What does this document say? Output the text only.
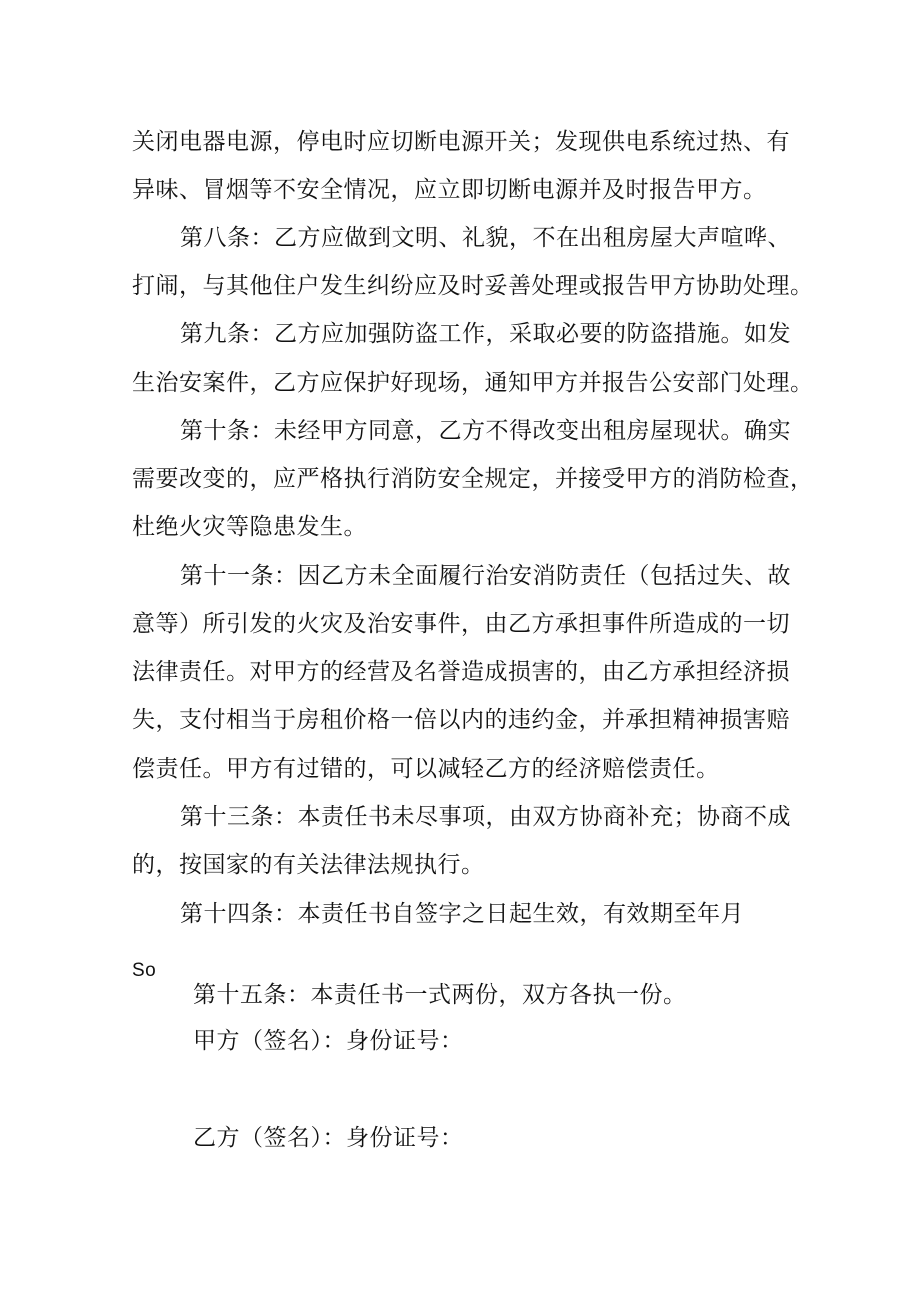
关闭电器电源，停电时应切断电源开关；发现供电系统过热、有
异味、冒烟等不安全情况，应立即切断电源并及时报告甲方。
第八条：乙方应做到文明、礼貌，不在出租房屋大声喧哗、
打闹，与其他住户发生纠纷应及时妥善处理或报告甲方协助处理。
第九条：乙方应加强防盗工作，采取必要的防盗措施。如发
生治安案件，乙方应保护好现场，通知甲方并报告公安部门处理。
第十条：未经甲方同意，乙方不得改变出租房屋现状。确实
需要改变的，应严格执行消防安全规定，并接受甲方的消防检查，
杜绝火灾等隐患发生。
第十一条：因乙方未全面履行治安消防责任（包括过失、故
意等）所引发的火灾及治安事件，由乙方承担事件所造成的一切
法律责任。对甲方的经营及名誉造成损害的，由乙方承担经济损
失，支付相当于房租价格一倍以内的违约金，并承担精神损害赔
偿责任。甲方有过错的，可以减轻乙方的经济赔偿责任。
第十三条：本责任书未尽事项，由双方协商补充；协商不成
的，按国家的有关法律法规执行。
第十四条：本责任书自签字之日起生效，有效期至年月
So
第十五条：本责任书一式两份，双方各执一份。
甲方（签名）：身份证号：
乙方（签名）：身份证号：
